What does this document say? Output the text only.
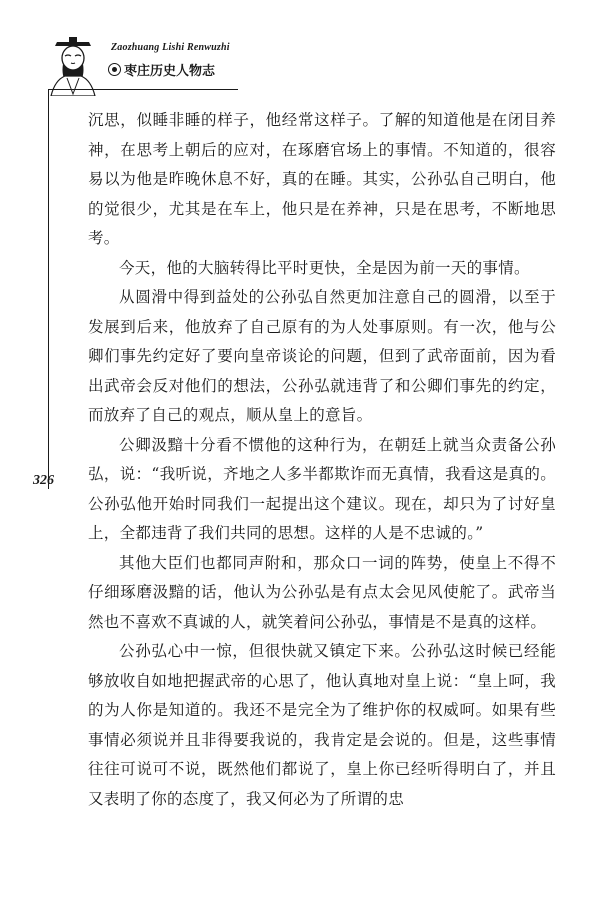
Zaozhuang Lishi Renwuzhi
枣庄历史人物志
326

沉思，似睡非睡的样子，他经常这样子。了解的知道他是在闭目养神，在思考上朝后的应对，在琢磨官场上的事情。不知道的，很容易以为他是昨晚休息不好，真的在睡。其实，公孙弘自己明白，他的觉很少，尤其是在车上，他只是在养神，只是在思考，不断地思考。

今天，他的大脑转得比平时更快，全是因为前一天的事情。

从圆滑中得到益处的公孙弘自然更加注意自己的圆滑，以至于发展到后来，他放弃了自己原有的为人处事原则。有一次，他与公卿们事先约定好了要向皇帝谈论的问题，但到了武帝面前，因为看出武帝会反对他们的想法，公孙弘就违背了和公卿们事先的约定，而放弃了自己的观点，顺从皇上的意旨。

公卿汲黯十分看不惯他的这种行为，在朝廷上就当众责备公孙弘，说：“我听说，齐地之人多半都欺诈而无真情，我看这是真的。公孙弘他开始时同我们一起提出这个建议。现在，却只为了讨好皇上，全都违背了我们共同的思想。这样的人是不忠诚的。”

其他大臣们也都同声附和，那众口一词的阵势，使皇上不得不仔细琢磨汲黯的话，他认为公孙弘是有点太会见风使舵了。武帝当然也不喜欢不真诚的人，就笑着问公孙弘，事情是不是真的这样。

公孙弘心中一惊，但很快就又镇定下来。公孙弘这时候已经能够放收自如地把握武帝的心思了，他认真地对皇上说：“皇上呵，我的为人你是知道的。我还不是完全为了维护你的权威呵。如果有些事情必须说并且非得要我说的，我肯定是会说的。但是，这些事情往往可说可不说，既然他们都说了，皇上你已经听得明白了，并且又表明了你的态度了，我又何必为了所谓的忠
